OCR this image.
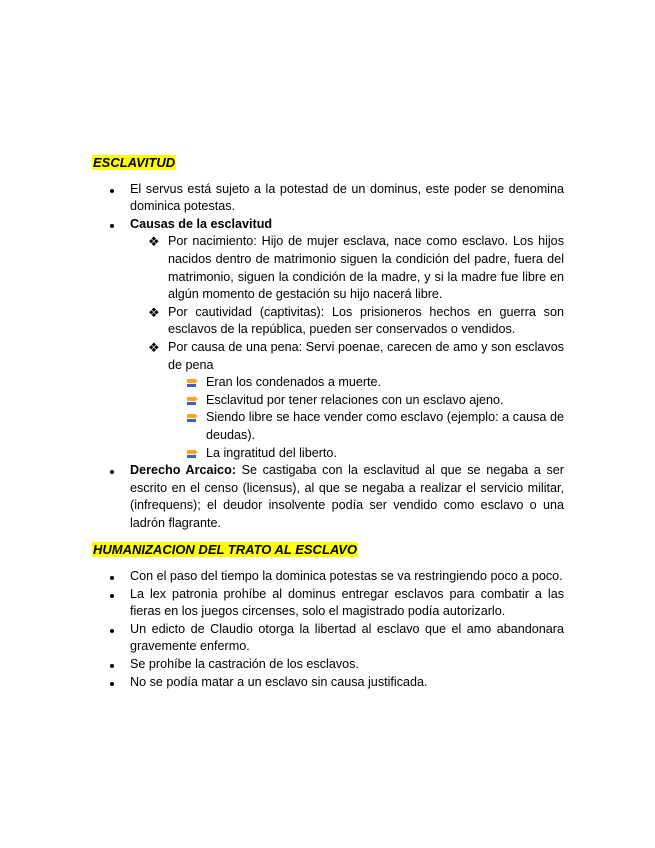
ESCLAVITUD
El servus está sujeto a la potestad de un dominus, este poder se denomina dominica potestas.
Causas de la esclavitud
❖ Por nacimiento: Hijo de mujer esclava, nace como esclavo. Los hijos nacidos dentro de matrimonio siguen la condición del padre, fuera del matrimonio, siguen la condición de la madre, y si la madre fue libre en algún momento de gestación su hijo nacerá libre.
❖ Por cautividad (captivitas): Los prisioneros hechos en guerra son esclavos de la república, pueden ser conservados o vendidos.
❖ Por causa de una pena: Servi poenae, carecen de amo y son esclavos de pena
Eran los condenados a muerte.
Esclavitud por tener relaciones con un esclavo ajeno.
Siendo libre se hace vender como esclavo (ejemplo: a causa de deudas).
La ingratitud del liberto.
Derecho Arcaico: Se castigaba con la esclavitud al que se negaba a ser escrito en el censo (licensus), al que se negaba a realizar el servicio militar, (infrequens); el deudor insolvente podía ser vendido como esclavo o una ladrón flagrante.
HUMANIZACION DEL TRATO AL ESCLAVO
Con el paso del tiempo la dominica potestas se va restringiendo poco a poco.
La lex patronia prohíbe al dominus entregar esclavos para combatir a las fieras en los juegos circenses, solo el magistrado podía autorizarlo.
Un edicto de Claudio otorga la libertad al esclavo que el amo abandonara gravemente enfermo.
Se prohíbe la castración de los esclavos.
No se podía matar a un esclavo sin causa justificada.
